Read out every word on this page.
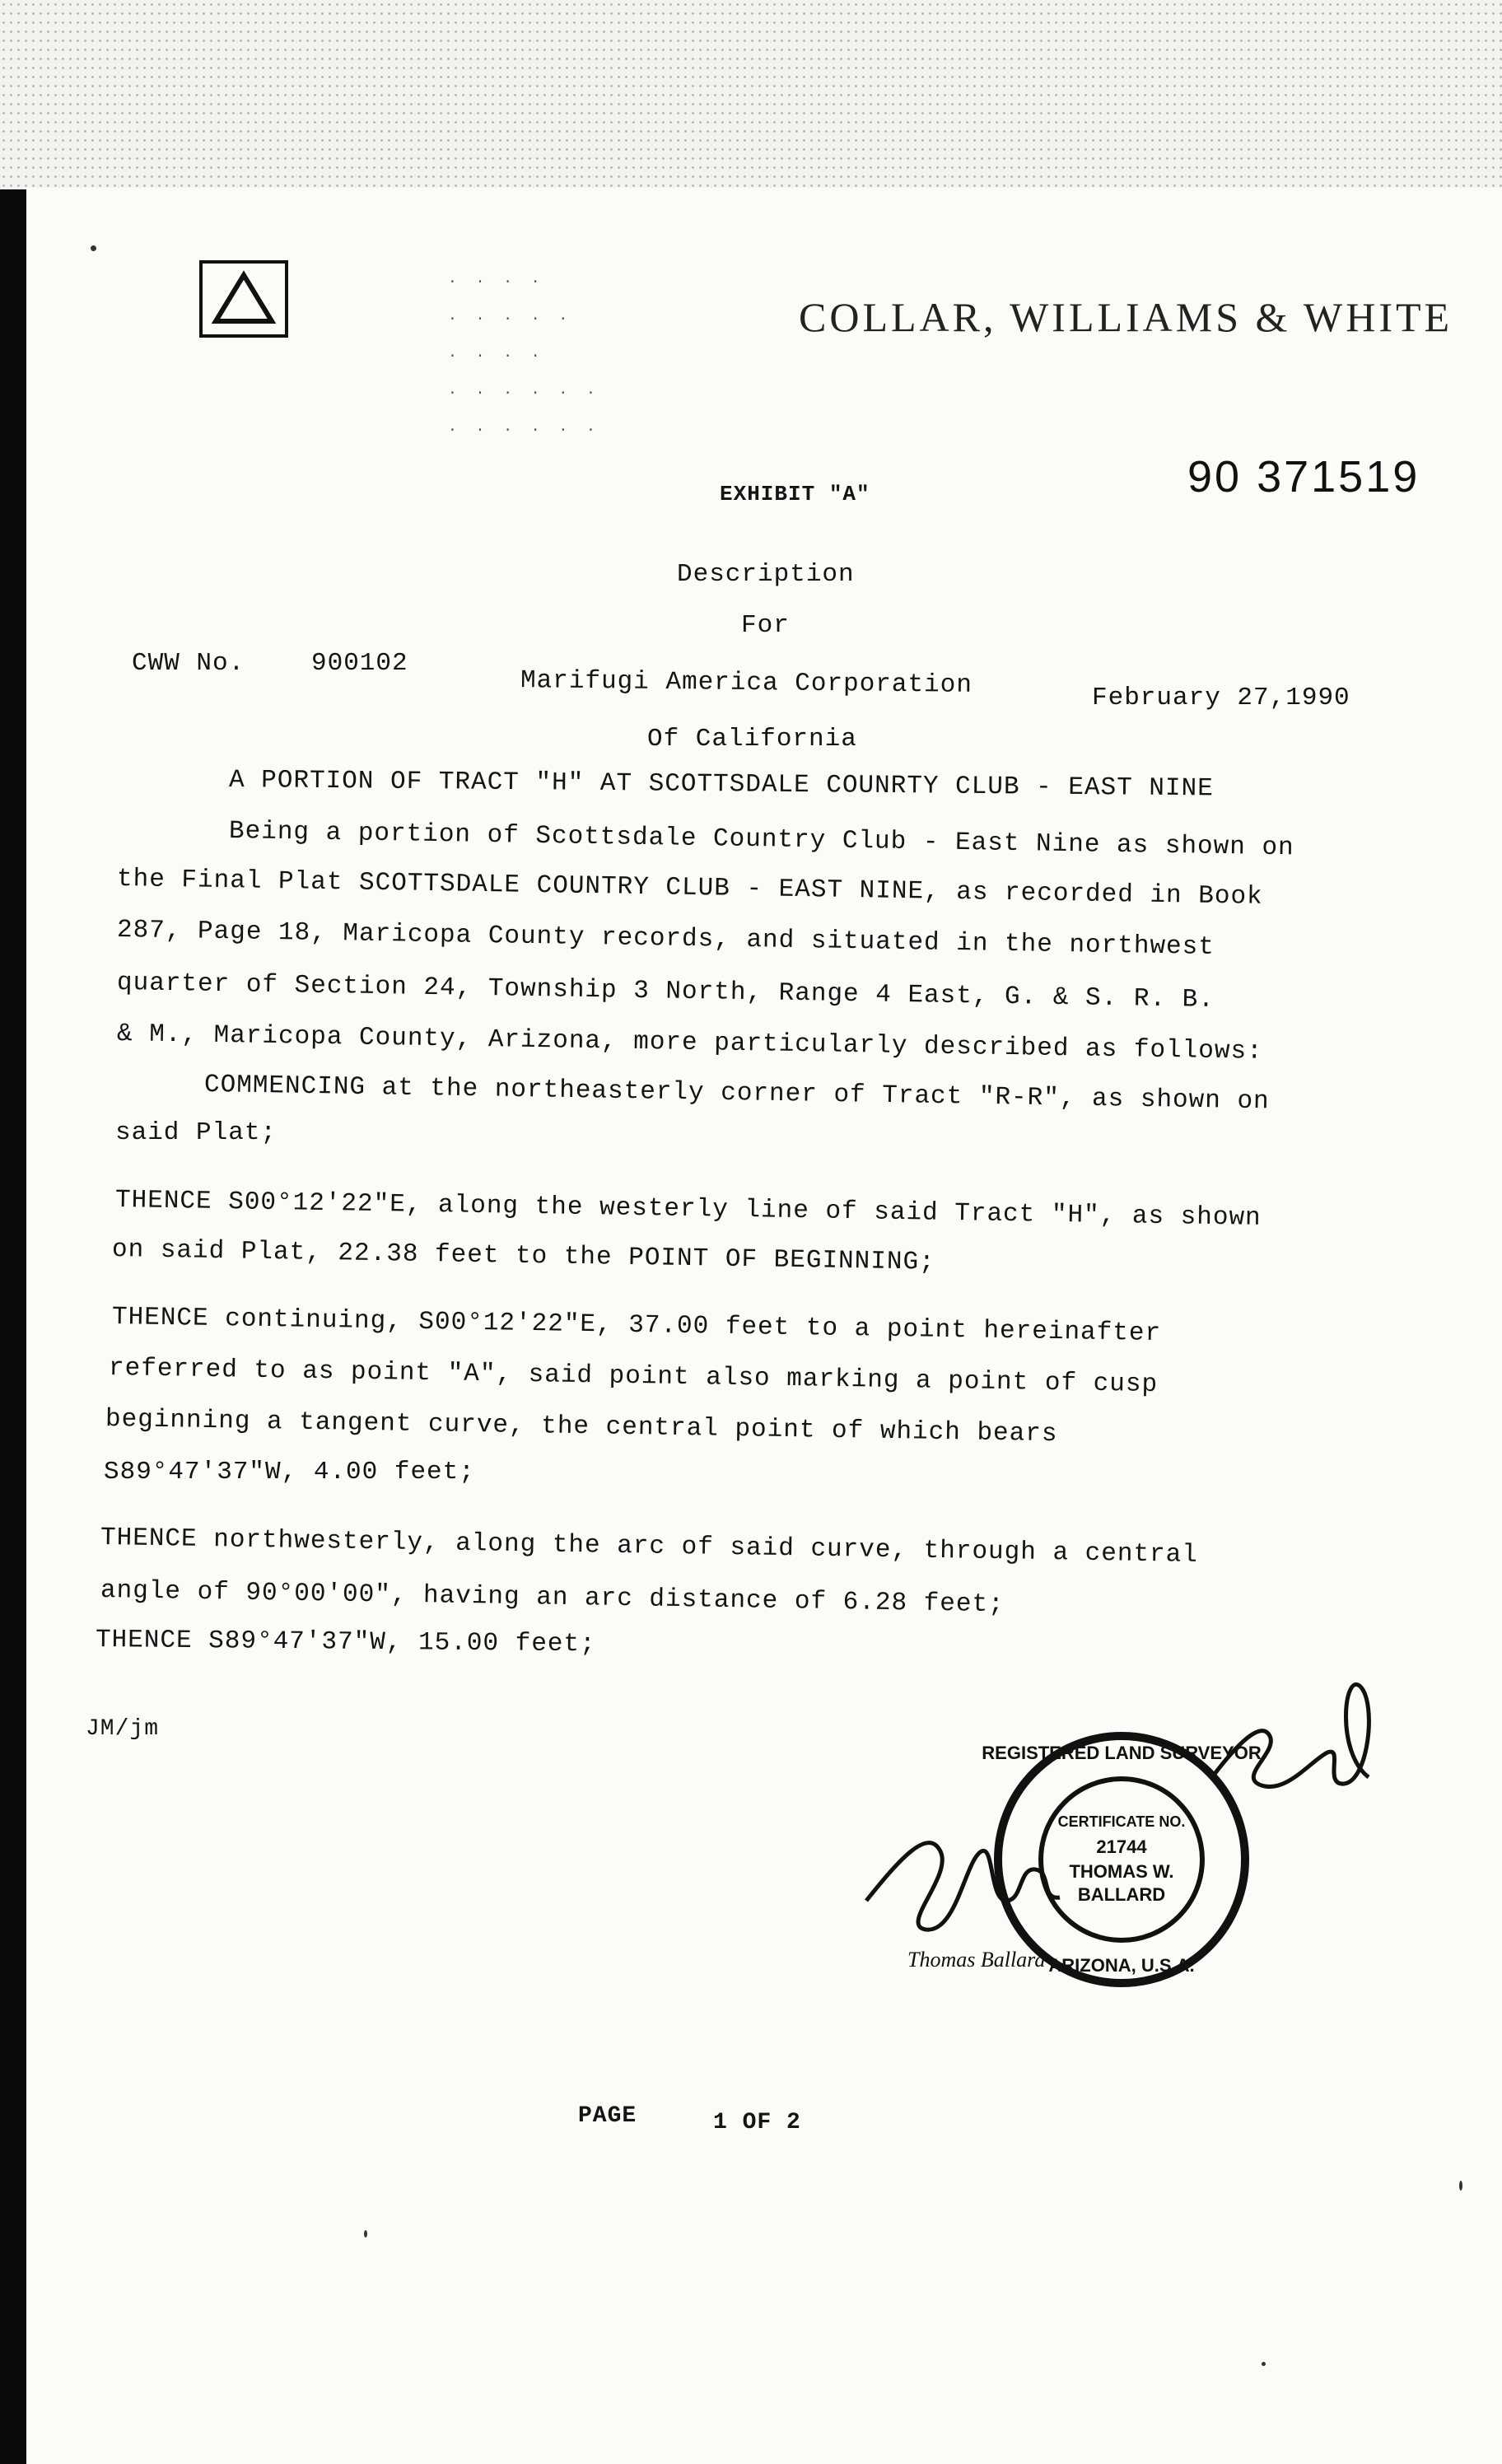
· · · ·
· · · · ·
· · · ·
· · · · · ·
· · · · · ·
COLLAR, WILLIAMS & WHITE
90 371519
EXHIBIT "A"
Description
For
CWW No.	900102
Marifugi America Corporation	February 27,1990
Of California
A PORTION OF TRACT "H" AT SCOTTSDALE COUNRTY CLUB - EAST NINE
Being a portion of Scottsdale Country Club - East Nine as shown on
the Final Plat SCOTTSDALE COUNTRY CLUB - EAST NINE, as recorded in Book
287, Page 18, Maricopa County records, and situated in the northwest
quarter of Section 24, Township 3 North, Range 4 East, G. & S. R. B.
& M., Maricopa County, Arizona, more particularly described as follows:
COMMENCING at the northeasterly corner of Tract "R-R", as shown on
said Plat;
THENCE S00°12'22"E, along the westerly line of said Tract "H", as shown
on said Plat, 22.38 feet to the POINT OF BEGINNING;
THENCE continuing, S00°12'22"E, 37.00 feet to a point hereinafter
referred to as point "A", said point also marking a point of cusp
beginning a tangent curve, the central point of which bears
S89°47'37"W, 4.00 feet;
THENCE northwesterly, along the arc of said curve, through a central
angle of 90°00'00", having an arc distance of 6.28 feet;
THENCE S89°47'37"W, 15.00 feet;
JM/jm
21744
THOMAS W.
BALLARD
CERTIFICATE NO.
REGISTERED LAND SURVEYOR
ARIZONA, U.S.A.
Thomas Ballard
PAGE	1 OF 2
